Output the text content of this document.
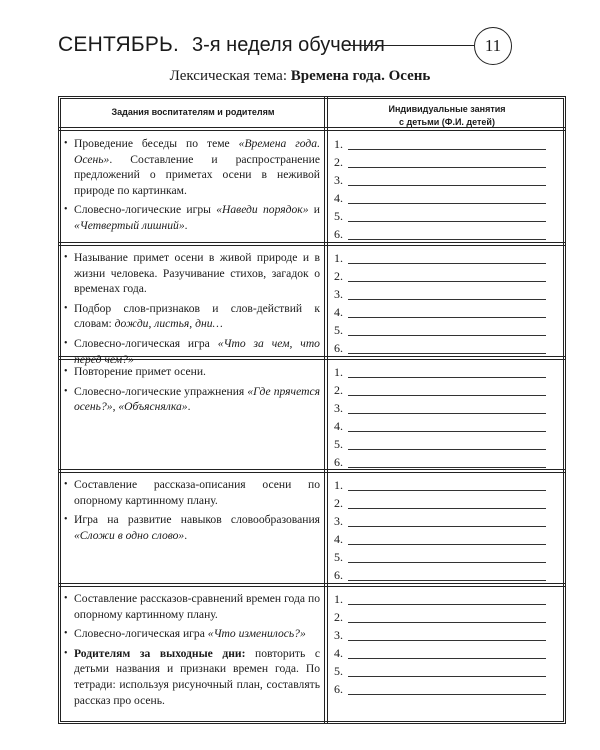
СЕНТЯБРЬ. 3-я неделя обучения	11
Лексическая тема: Времена года. Осень
Задания воспитателям и родителям	Индивидуальные занятия
с детьми (Ф.И. детей)
• Проведение беседы по теме «Времена года. Осень». Составление и распространение предложений о приметах осени в неживой природе по картинкам.
• Словесно-логические игры «Наведи порядок» и «Четвертый лишний».
1.
2.
3.
4.
5.
6.
• Называние примет осени в живой природе и в жизни человека. Разучивание стихов, загадок о временах года.
• Подбор слов-признаков и слов-действий к словам: дожди, листья, дни…
• Словесно-логическая игра «Что за чем, что перед чем?»
1.
2.
3.
4.
5.
6.
• Повторение примет осени.
• Словесно-логические упражнения «Где прячется осень?», «Объяснялка».
1.
2.
3.
4.
5.
6.
• Составление рассказа-описания осени по опорному картинному плану.
• Игра на развитие навыков словообразования «Сложи в одно слово».
1.
2.
3.
4.
5.
6.
• Составление рассказов-сравнений времен года по опорному картинному плану.
• Словесно-логическая игра «Что изменилось?»
• Родителям за выходные дни: повторить с детьми названия и признаки времен года. По тетради: используя рисуночный план, составлять рассказ про осень.
1.
2.
3.
4.
5.
6.
